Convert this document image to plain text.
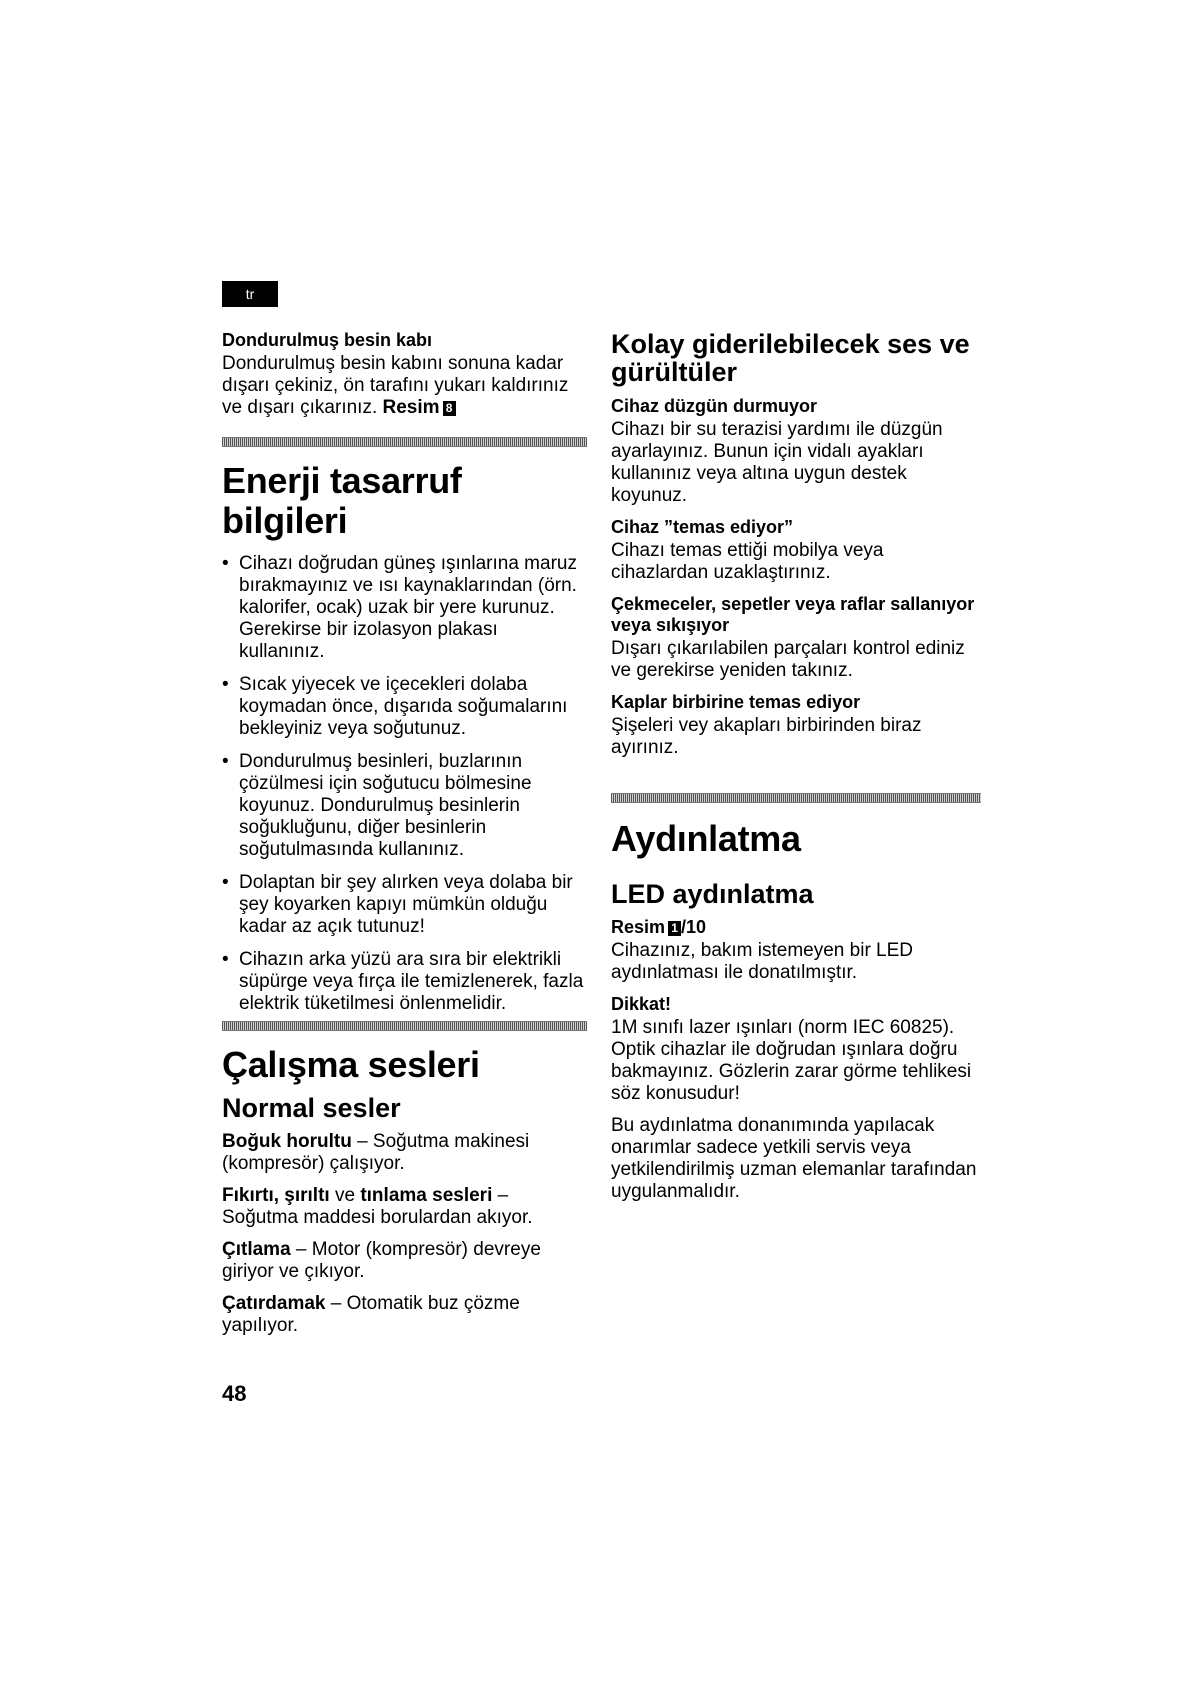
tr

Dondurulmuş besin kabı

Dondurulmuş besin kabını sonuna kadar dışarı çekiniz, ön tarafını yukarı kaldırınız ve dışarı çıkarınız. Resim 8

Enerji tasarruf bilgileri
• Cihazı doğrudan güneş ışınlarına maruz bırakmayınız ve ısı kaynaklarından (örn. kalorifer, ocak) uzak bir yere kurunuz. Gerekirse bir izolasyon plakası kullanınız.
• Sıcak yiyecek ve içecekleri dolaba koymadan önce, dışarıda soğumalarını bekleyiniz veya soğutunuz.
• Dondurulmuş besinleri, buzlarının çözülmesi için soğutucu bölmesine koyunuz. Dondurulmuş besinlerin soğukluğunu, diğer besinlerin soğutulmasında kullanınız.
• Dolaptan bir şey alırken veya dolaba bir şey koyarken kapıyı mümkün olduğu kadar az açık tutunuz!
• Cihazın arka yüzü ara sıra bir elektrikli süpürge veya fırça ile temizlenerek, fazla elektrik tüketilmesi önlenmelidir.
Çalışma sesleri
Normal sesler

Boğuk horultu – Soğutma makinesi (kompresör) çalışıyor.

Fıkırtı, şırıltı ve tınlama sesleri – Soğutma maddesi borulardan akıyor.

Çıtlama – Motor (kompresör) devreye giriyor ve çıkıyor.

Çatırdamak – Otomatik buz çözme yapılıyor.

Kolay giderilebilecek ses ve gürültüler

Cihaz düzgün durmuyor

Cihazı bir su terazisi yardımı ile düzgün ayarlayınız. Bunun için vidalı ayakları kullanınız veya altına uygun destek koyunuz.

Cihaz ”temas ediyor”

Cihazı temas ettiği mobilya veya cihazlardan uzaklaştırınız.

Çekmeceler, sepetler veya raflar sallanıyor veya sıkışıyor

Dışarı çıkarılabilen parçaları kontrol ediniz ve gerekirse yeniden takınız.

Kaplar birbirine temas ediyor

Şişeleri vey akapları birbirinden biraz ayırınız.

Aydınlatma
LED aydınlatma

Resim 1 /10

Cihazınız, bakım istemeyen bir LED aydınlatması ile donatılmıştır.

Dikkat!

1M sınıfı lazer ışınları (norm IEC 60825). Optik cihazlar ile doğrudan ışınlara doğru bakmayınız. Gözlerin zarar görme tehlikesi söz konusudur!

Bu aydınlatma donanımında yapılacak onarımlar sadece yetkili servis veya yetkilendirilmiş uzman elemanlar tarafından uygulanmalıdır.

48
